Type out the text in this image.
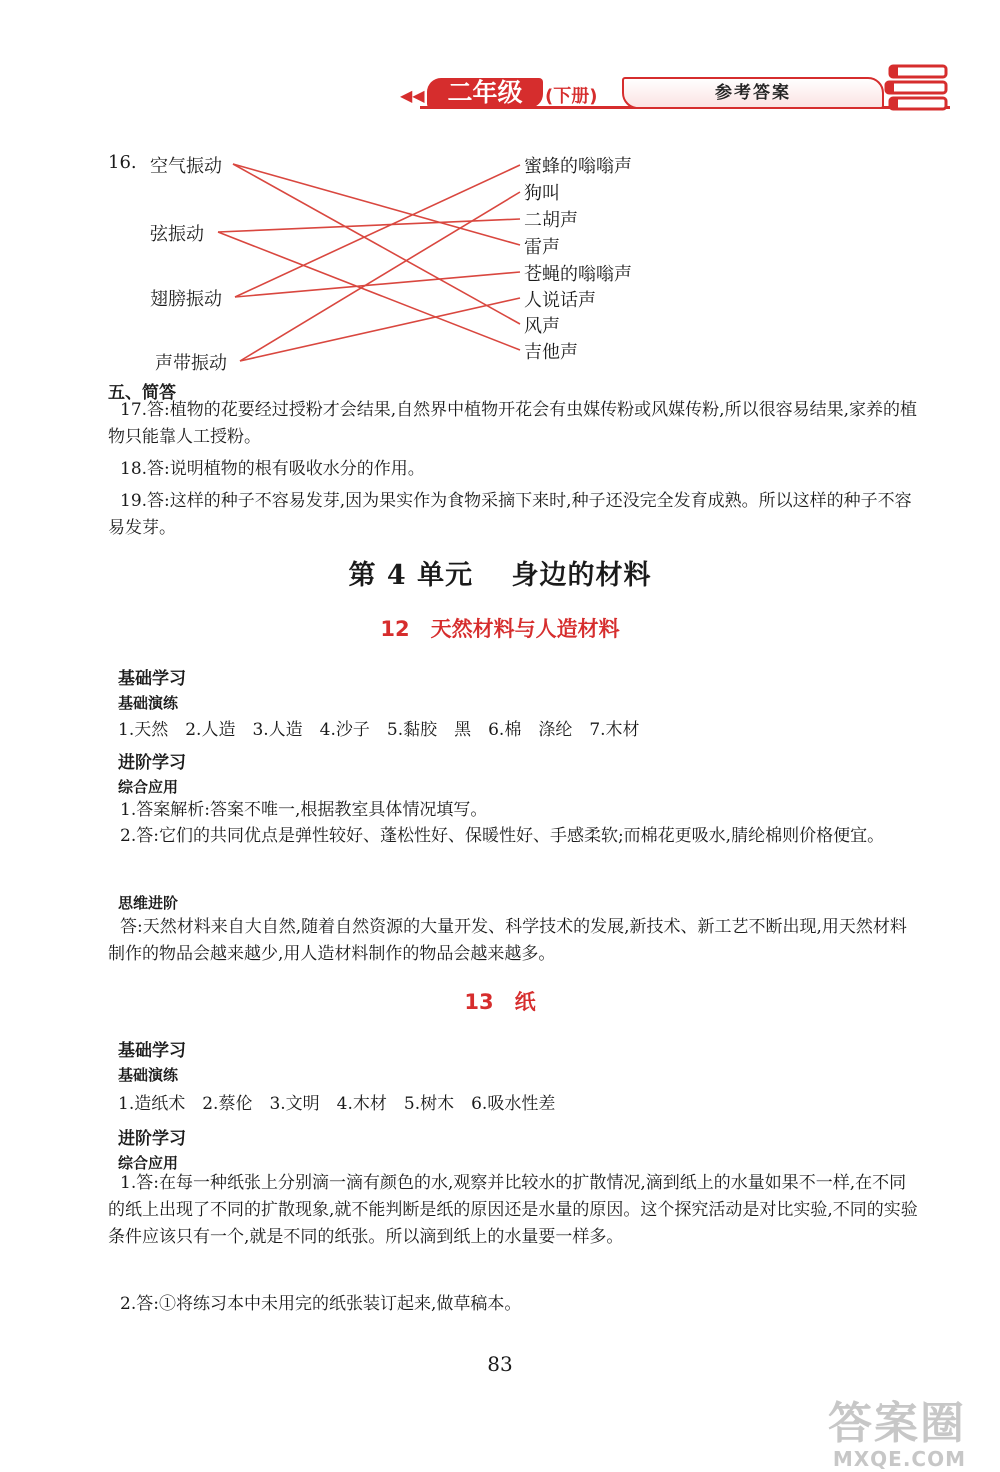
◀◀ 二年级	(下册)	参考答案
16. 空气振动
弦振动
翅膀振动
声带振动
蜜蜂的嗡嗡声
狗叫
二胡声
雷声
苍蝇的嗡嗡声
人说话声
风声
吉他声
五、简答
17.答:植物的花要经过授粉才会结果,自然界中植物开花会有虫媒传粉或风媒传粉,所以很容易结果,家养的植物只能靠人工授粉。
18.答:说明植物的根有吸收水分的作用。
19.答:这样的种子不容易发芽,因为果实作为食物采摘下来时,种子还没完全发育成熟。所以这样的种子不容易发芽。
第 4 单元　 身边的材料
12　天然材料与人造材料
基础学习
基础演练
1.天然　2.人造　3.人造　4.沙子　5.黏胶　黑　6.棉　涤纶　7.木材
进阶学习
综合应用
1.答案解析:答案不唯一,根据教室具体情况填写。
2.答:它们的共同优点是弹性较好、蓬松性好、保暖性好、手感柔软;而棉花更吸水,腈纶棉则价格便宜。
思维进阶
答:天然材料来自大自然,随着自然资源的大量开发、科学技术的发展,新技术、新工艺不断出现,用天然材料制作的物品会越来越少,用人造材料制作的物品会越来越多。
13　纸
基础学习
基础演练
1.造纸术　2.蔡伦　3.文明　4.木材　5.树木　6.吸水性差
进阶学习
综合应用
1.答:在每一种纸张上分别滴一滴有颜色的水,观察并比较水的扩散情况,滴到纸上的水量如果不一样,在不同的纸上出现了不同的扩散现象,就不能判断是纸的原因还是水量的原因。这个探究活动是对比实验,不同的实验条件应该只有一个,就是不同的纸张。所以滴到纸上的水量要一样多。
2.答:①将练习本中未用完的纸张装订起来,做草稿本。
83
答案圈
MXQE.COM
